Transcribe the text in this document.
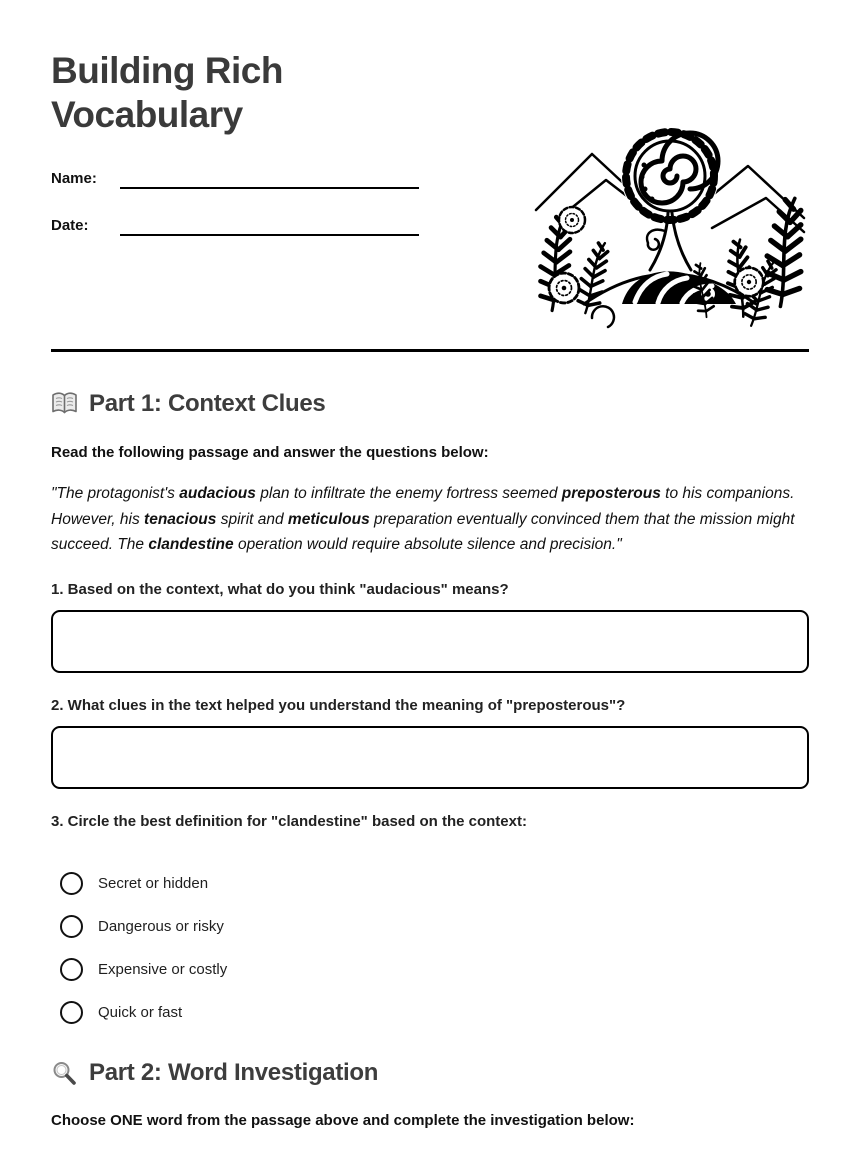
Building Rich Vocabulary
Name:
Date:
Part 1: Context Clues

Read the following passage and answer the questions below:

"The protagonist's audacious plan to infiltrate the enemy fortress seemed preposterous to his companions. However, his tenacious spirit and meticulous preparation eventually convinced them that the mission might succeed. The clandestine operation would require absolute silence and precision."

1. Based on the context, what do you think "audacious" means?

2. What clues in the text helped you understand the meaning of "preposterous"?

3. Circle the best definition for "clandestine" based on the context:

Secret or hidden
Dangerous or risky
Expensive or costly
Quick or fast
Part 2: Word Investigation

Choose ONE word from the passage above and complete the investigation below:
